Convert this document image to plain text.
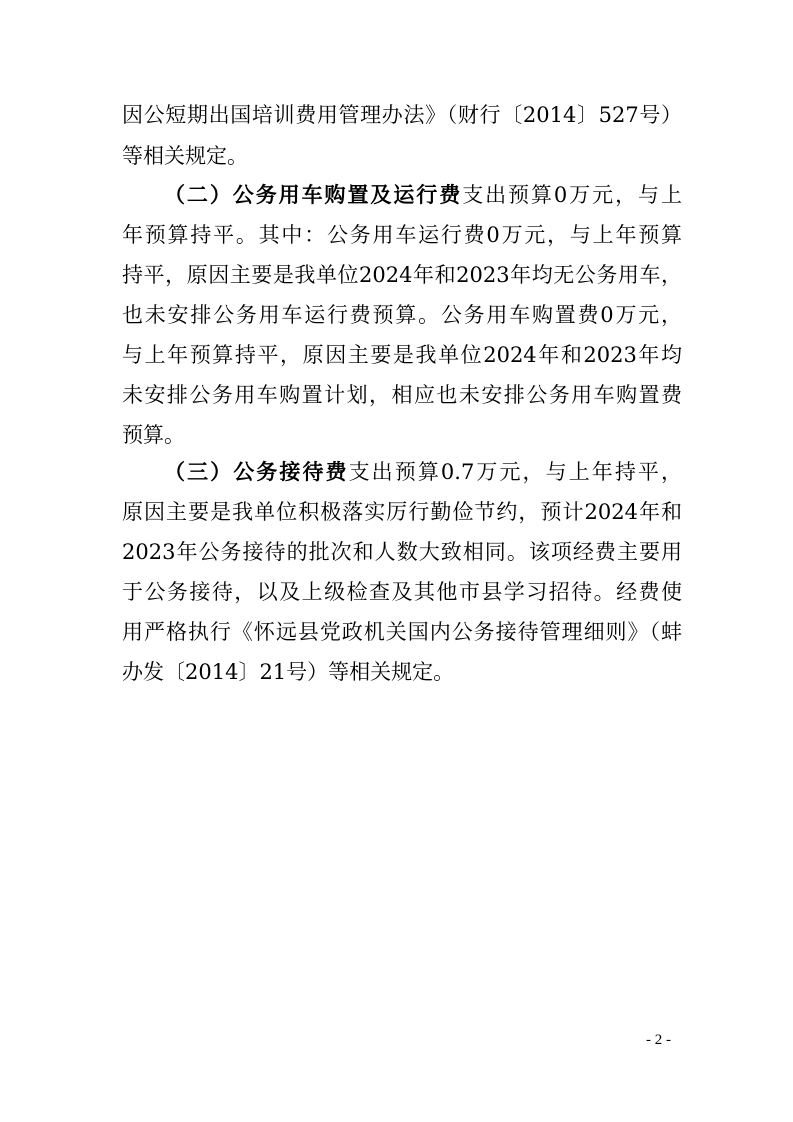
因公短期出国培训费用管理办法》（财行〔2014〕527号）
等相关规定。
（二）公务用车购置及运行费支出预算0万元，与上
年预算持平。其中：公务用车运行费0万元，与上年预算
持平，原因主要是我单位2024年和2023年均无公务用车，
也未安排公务用车运行费预算。公务用车购置费0万元，
与上年预算持平，原因主要是我单位2024年和2023年均
未安排公务用车购置计划，相应也未安排公务用车购置费
预算。
（三）公务接待费支出预算0.7万元，与上年持平，
原因主要是我单位积极落实厉行勤俭节约，预计2024年和
2023年公务接待的批次和人数大致相同。该项经费主要用
于公务接待，以及上级检查及其他市县学习招待。经费使
用严格执行《怀远县党政机关国内公务接待管理细则》（蚌
办发〔2014〕21号）等相关规定。
- 2 -
